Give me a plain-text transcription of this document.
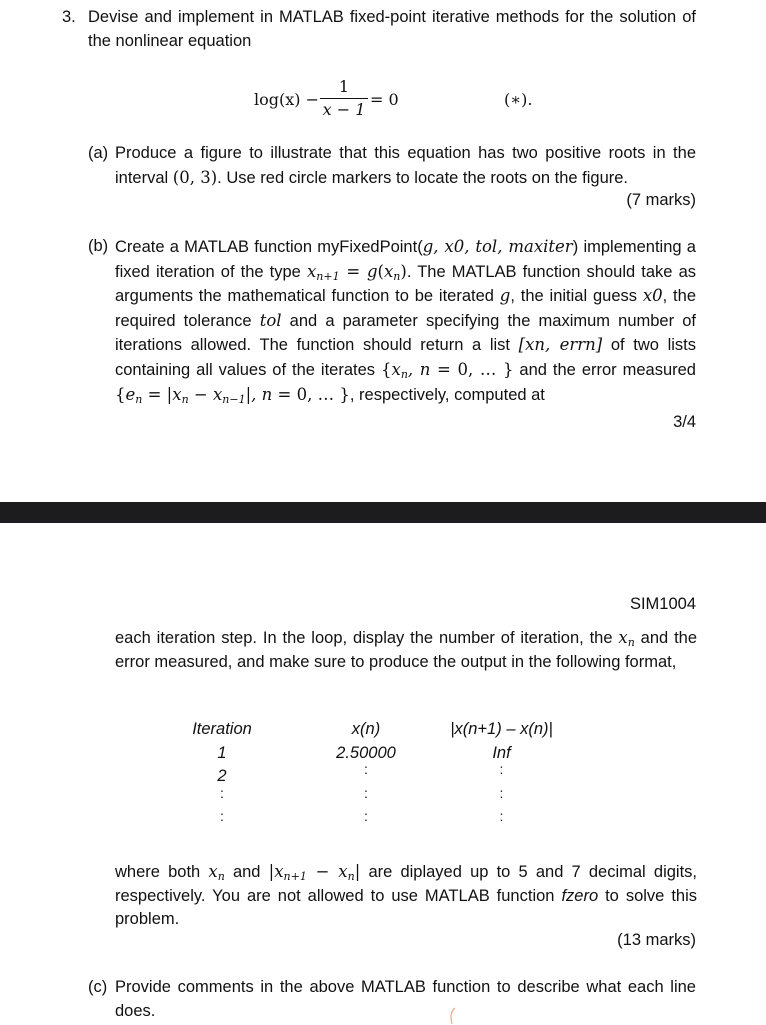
3. Devise and implement in MATLAB fixed-point iterative methods for the solution of the nonlinear equation
log(x) −
1
x − 1
= 0	(∗).
(a) Produce a figure to illustrate that this equation has two positive roots in the interval (0, 3). Use red circle markers to locate the roots on the figure.
(7 marks)
(b) Create a MATLAB function myFixedPoint(g, x0, tol, maxiter) implementing a fixed iteration of the type $x_{n+1} = g(x_n)$. The MATLAB function should take as arguments the mathematical function to be iterated g, the initial guess x0, the required tolerance tol and a parameter specifying the maximum number of iterations allowed. The function should return a list [xn, errn] of two lists containing all values of the iterates {$x_n$, n = 0, … } and the error measured {$e_n = |x_n - x_{n-1}|$, n = 0, … }, respectively, computed at
3/4
SIM1004
each iteration step. In the loop, display the number of iteration, the $x_n$ and the error measured, and make sure to produce the output in the following format,
Iteration	x(n)	|x(n+1) – x(n)|
1	2.50000	Inf
2	:	:
:	:	:
:	:	:
where both $x_n$ and $|x_{n+1} - x_n|$ are diplayed up to 5 and 7 decimal digits, respectively. You are not allowed to use MATLAB function fzero to solve this problem.
(13 marks)
(c) Provide comments in the above MATLAB function to describe what each line does.
